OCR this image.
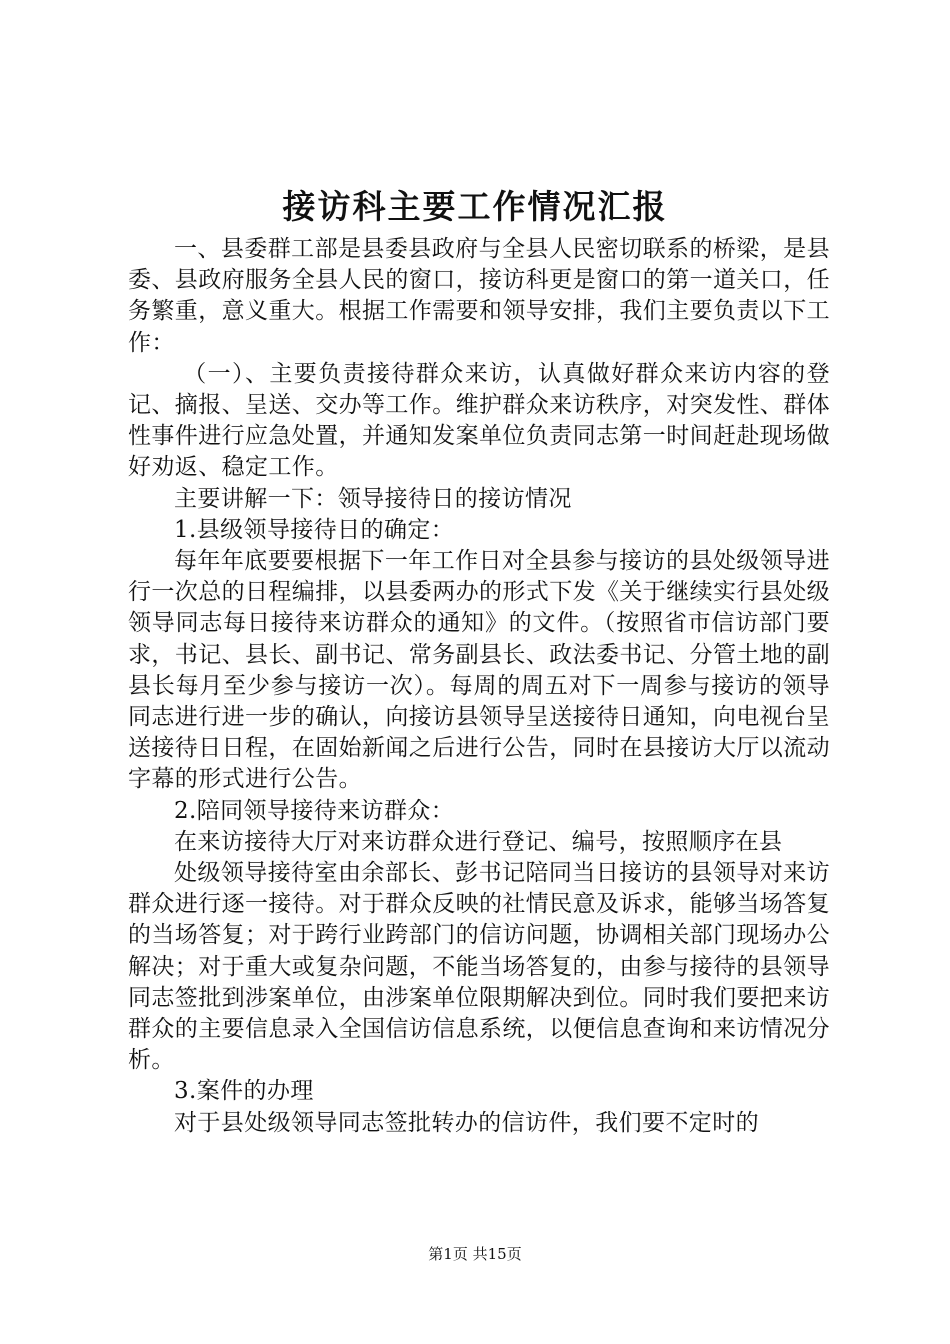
接访科主要工作情况汇报

一、县委群工部是县委县政府与全县人民密切联系的桥梁，是县委、县政府服务全县人民的窗口，接访科更是窗口的第一道关口，任务繁重，意义重大。根据工作需要和领导安排，我们主要负责以下工作：

（一）、主要负责接待群众来访，认真做好群众来访内容的登记、摘报、呈送、交办等工作。维护群众来访秩序，对突发性、群体性事件进行应急处置，并通知发案单位负责同志第一时间赶赴现场做好劝返、稳定工作。

主要讲解一下：领导接待日的接访情况

1.县级领导接待日的确定：

每年年底要要根据下一年工作日对全县参与接访的县处级领导进行一次总的日程编排，以县委两办的形式下发《关于继续实行县处级领导同志每日接待来访群众的通知》的文件。（按照省市信访部门要求，书记、县长、副书记、常务副县长、政法委书记、分管土地的副县长每月至少参与接访一次）。每周的周五对下一周参与接访的领导同志进行进一步的确认，向接访县领导呈送接待日通知，向电视台呈送接待日日程，在固始新闻之后进行公告，同时在县接访大厅以流动字幕的形式进行公告。

2.陪同领导接待来访群众：

在来访接待大厅对来访群众进行登记、编号，按照顺序在县

处级领导接待室由余部长、彭书记陪同当日接访的县领导对来访群众进行逐一接待。对于群众反映的社情民意及诉求，能够当场答复的当场答复；对于跨行业跨部门的信访问题，协调相关部门现场办公解决；对于重大或复杂问题，不能当场答复的，由参与接待的县领导同志签批到涉案单位，由涉案单位限期解决到位。同时我们要把来访群众的主要信息录入全国信访信息系统，以便信息查询和来访情况分析。

3.案件的办理

对于县处级领导同志签批转办的信访件，我们要不定时的

第1页 共15页
